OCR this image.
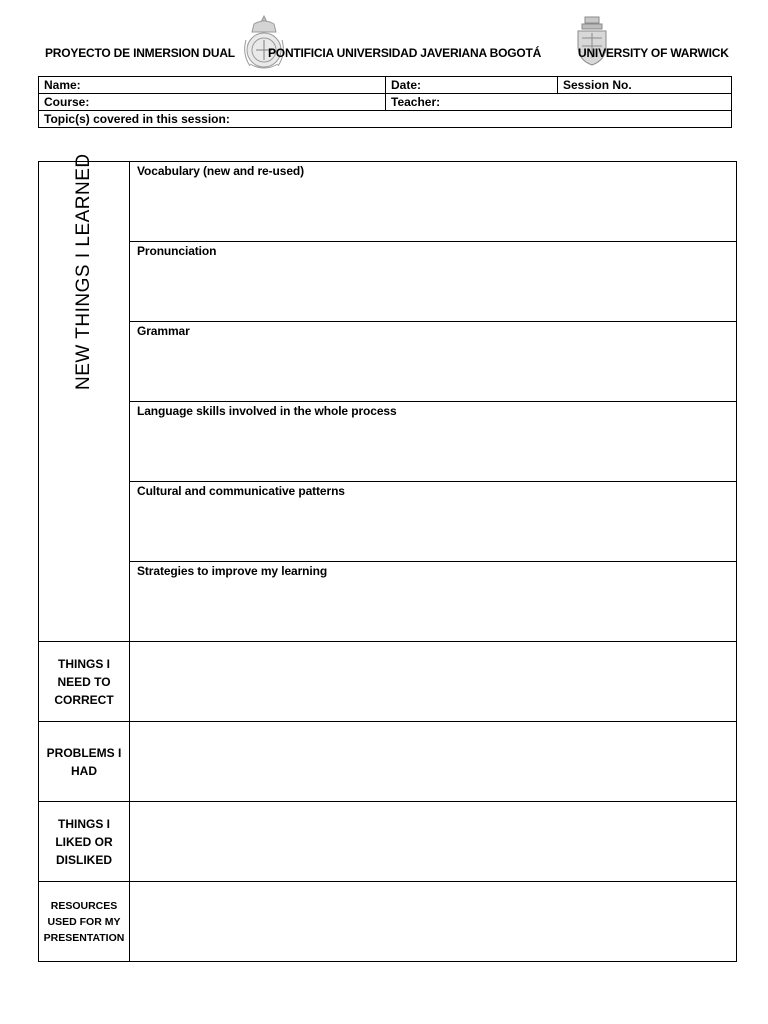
PROYECTO DE INMERSION DUAL	PONTIFICIA UNIVERSIDAD JAVERIANA BOGOTÁ	UNIVERSITY OF WARWICK
Name:	Date:	Session No.
Course:	Teacher:	
Topic(s) covered in this session:		
NEW THINGS I LEARNED	Vocabulary (new and re-used)
	Pronunciation
	Grammar
	Language skills involved in the whole process
	Cultural and communicative patterns
	Strategies to improve my learning
THINGS I NEED TO CORRECT	
PROBLEMS I HAD	
THINGS I LIKED OR DISLIKED	
RESOURCES USED FOR MY PRESENTATION	
